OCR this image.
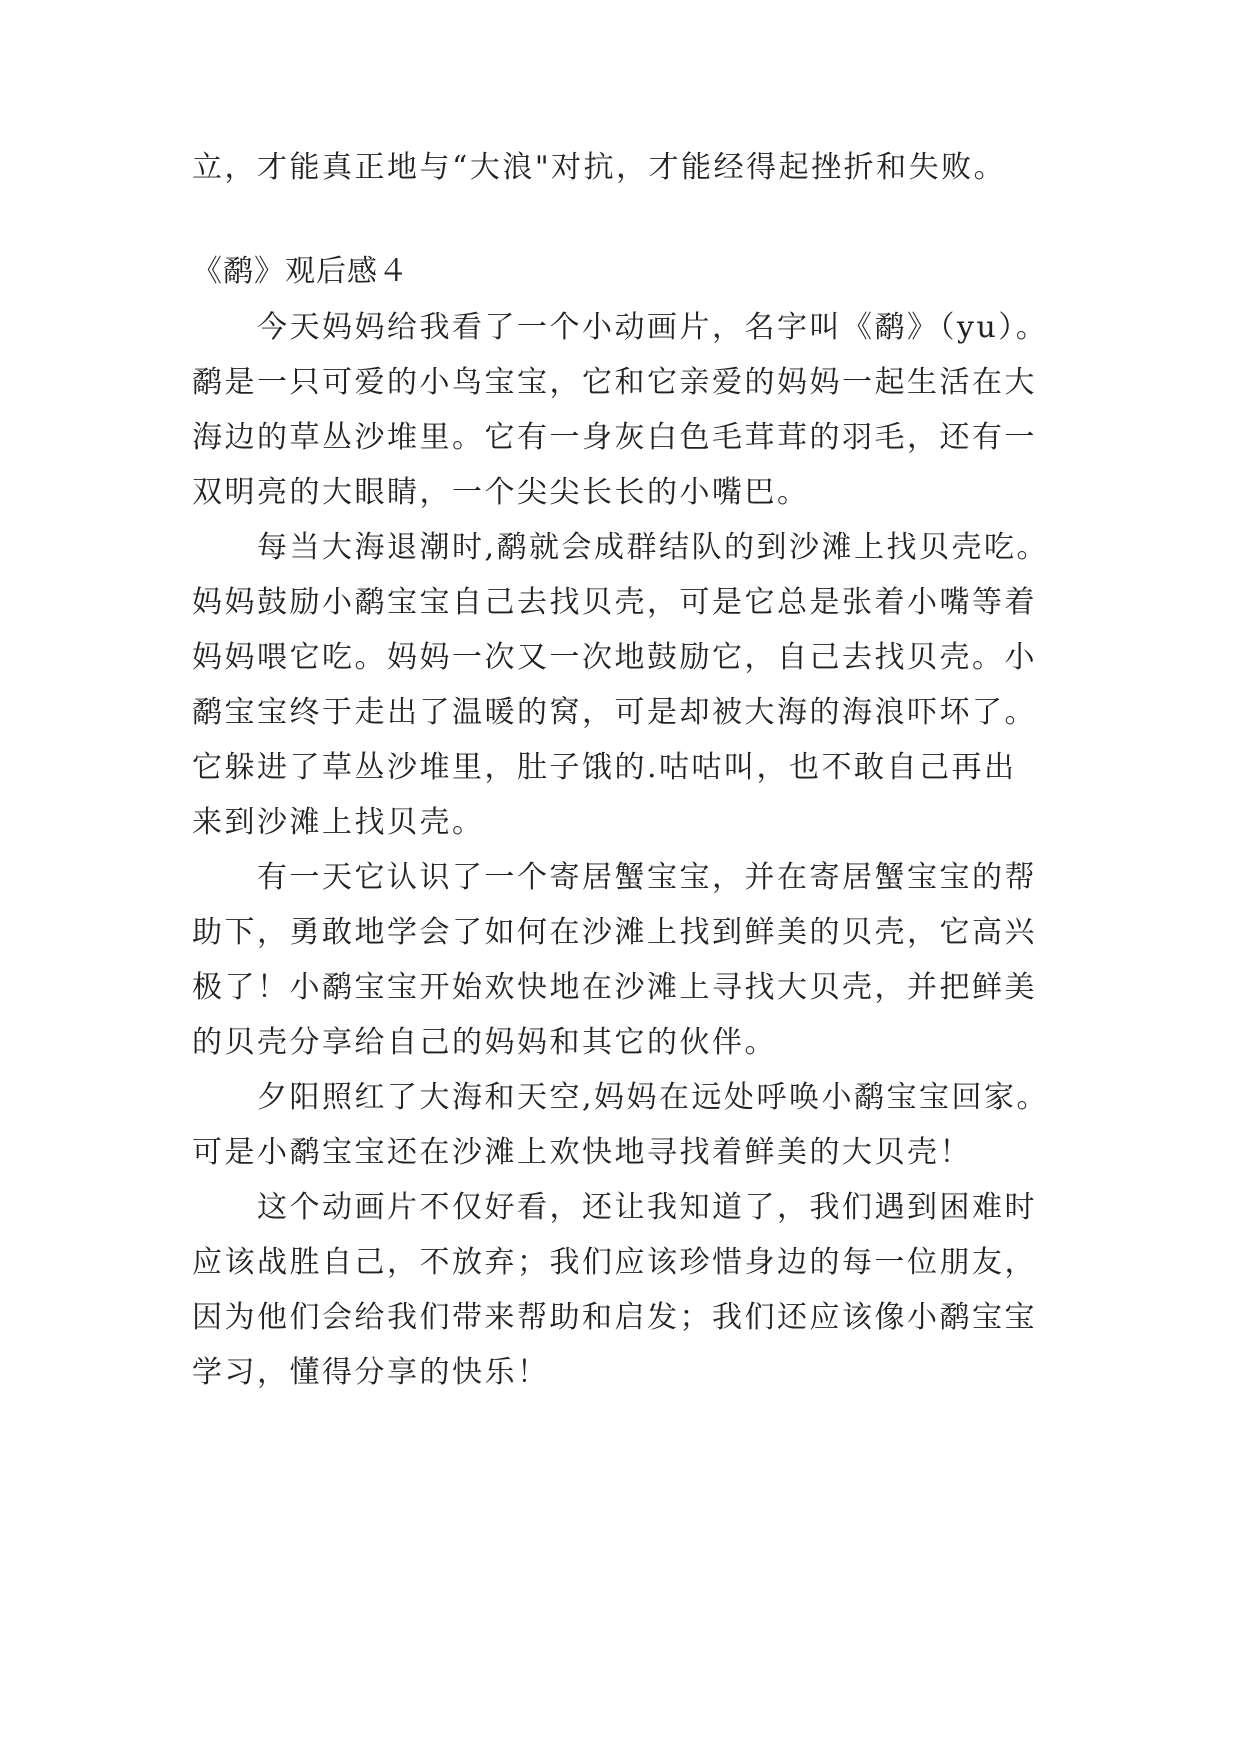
立，才能真正地与“大浪"对抗，才能经得起挫折和失败。
《鹬》观后感４
　　今天妈妈给我看了一个小动画片，名字叫《鹬》（yu）。
鹬是一只可爱的小鸟宝宝，它和它亲爱的妈妈一起生活在大
海边的草丛沙堆里。它有一身灰白色毛茸茸的羽毛，还有一
双明亮的大眼睛，一个尖尖长长的小嘴巴。
　　每当大海退潮时,鹬就会成群结队的到沙滩上找贝壳吃。
妈妈鼓励小鹬宝宝自己去找贝壳，可是它总是张着小嘴等着
妈妈喂它吃。妈妈一次又一次地鼓励它，自己去找贝壳。小
鹬宝宝终于走出了温暖的窝，可是却被大海的海浪吓坏了。
它躲进了草丛沙堆里，肚子饿的.咕咕叫，也不敢自己再出
来到沙滩上找贝壳。
　　有一天它认识了一个寄居蟹宝宝，并在寄居蟹宝宝的帮
助下，勇敢地学会了如何在沙滩上找到鲜美的贝壳，它高兴
极了！小鹬宝宝开始欢快地在沙滩上寻找大贝壳，并把鲜美
的贝壳分享给自己的妈妈和其它的伙伴。
　　夕阳照红了大海和天空,妈妈在远处呼唤小鹬宝宝回家。
可是小鹬宝宝还在沙滩上欢快地寻找着鲜美的大贝壳！
　　这个动画片不仅好看，还让我知道了，我们遇到困难时
应该战胜自己，不放弃；我们应该珍惜身边的每一位朋友，
因为他们会给我们带来帮助和启发；我们还应该像小鹬宝宝
学习，懂得分享的快乐！
